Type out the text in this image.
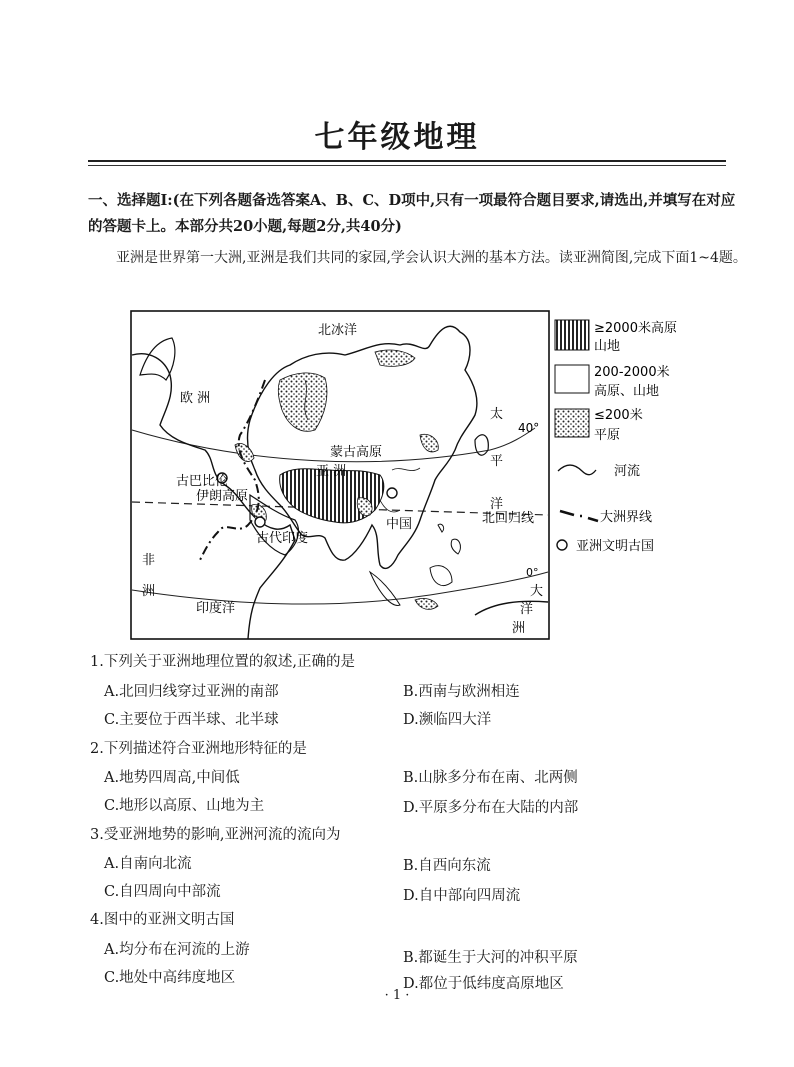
七年级地理
一、选择题Ⅰ:(在下列各题备选答案A、B、C、D项中,只有一项最符合题目要求,请选出,并填写在对应的答题卡上。本部分共20小题,每题2分,共40分)
亚洲是世界第一大洲,亚洲是我们共同的家园,学会认识大洲的基本方法。读亚洲简图,完成下面1~4题。
北冰洋
欧 洲
太
平
洋
40°
蒙古高原
亚 洲
古巴比伦
伊朗高原
古代印度
中国	北回归线
非
洲
印度洋
0°
大
洋
洲
≥2000米高原
山地
200-2000米
高原、山地
≤200米
平原
河流
大洲界线
亚洲文明古国
1.下列关于亚洲地理位置的叙述,正确的是
A.北回归线穿过亚洲的南部	B.西南与欧洲相连
C.主要位于西半球、北半球	D.濒临四大洋
2.下列描述符合亚洲地形特征的是
A.地势四周高,中间低	B.山脉多分布在南、北两侧
C.地形以高原、山地为主	D.平原多分布在大陆的内部
3.受亚洲地势的影响,亚洲河流的流向为
A.自南向北流	B.自西向东流
C.自四周向中部流	D.自中部向四周流
4.图中的亚洲文明古国
A.均分布在河流的上游	B.都诞生于大河的冲积平原
C.地处中高纬度地区	D.都位于低纬度高原地区
· 1 ·
